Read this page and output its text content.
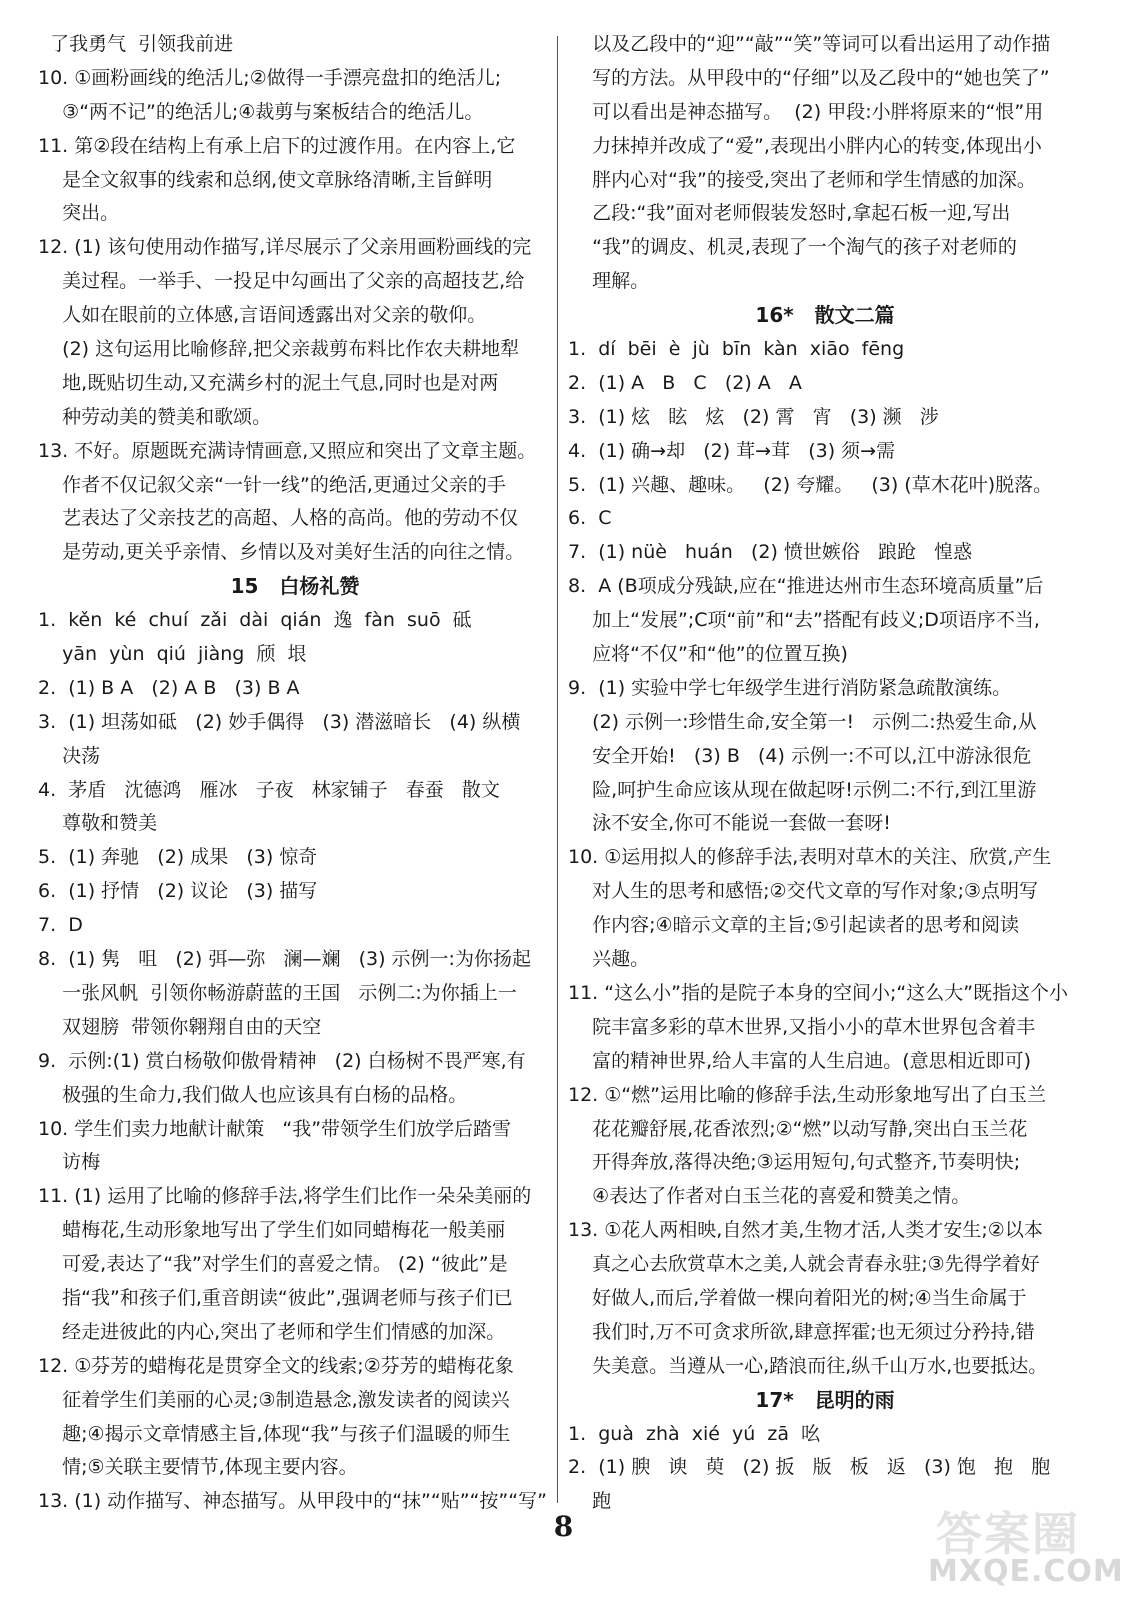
了我勇气  引领我前进
10. ①画粉画线的绝活儿;②做得一手漂亮盘扣的绝活儿;
③“两不记”的绝活儿;④裁剪与案板结合的绝活儿。
11. 第②段在结构上有承上启下的过渡作用。在内容上,它
是全文叙事的线索和总纲,使文章脉络清晰,主旨鲜明
突出。
12. (1) 该句使用动作描写,详尽展示了父亲用画粉画线的完
美过程。一举手、一投足中勾画出了父亲的高超技艺,给
人如在眼前的立体感,言语间透露出对父亲的敬仰。
(2) 这句运用比喻修辞,把父亲裁剪布料比作农夫耕地犁
地,既贴切生动,又充满乡村的泥土气息,同时也是对两
种劳动美的赞美和歌颂。
13. 不好。原题既充满诗情画意,又照应和突出了文章主题。
作者不仅记叙父亲“一针一线”的绝活,更通过父亲的手
艺表达了父亲技艺的高超、人格的高尚。他的劳动不仅
是劳动,更关乎亲情、乡情以及对美好生活的向往之情。
15   白杨礼赞
1.  kěn  ké  chuí  zǎi  dài  qián  逸  fàn  suō  砥
yān  yùn  qiú  jiàng  颀  垠
2.  (1) B A   (2) A B   (3) B A
3.  (1) 坦荡如砥   (2) 妙手偶得   (3) 潜滋暗长   (4) 纵横
决荡
4.  茅盾   沈德鸿   雁冰   子夜   林家铺子   春蚕   散文
尊敬和赞美
5.  (1) 奔驰   (2) 成果   (3) 惊奇
6.  (1) 抒情   (2) 议论   (3) 描写
7.  D
8.  (1) 隽   咀   (2) 弭—弥   澜—斓   (3) 示例一:为你扬起
一张风帆  引领你畅游蔚蓝的王国   示例二:为你插上一
双翅膀  带领你翱翔自由的天空
9.  示例:(1) 赏白杨敬仰傲骨精神   (2) 白杨树不畏严寒,有
极强的生命力,我们做人也应该具有白杨的品格。
10. 学生们卖力地献计献策   “我”带领学生们放学后踏雪
访梅
11. (1) 运用了比喻的修辞手法,将学生们比作一朵朵美丽的
蜡梅花,生动形象地写出了学生们如同蜡梅花一般美丽
可爱,表达了“我”对学生们的喜爱之情。 (2) “彼此”是
指“我”和孩子们,重音朗读“彼此”,强调老师与孩子们已
经走进彼此的内心,突出了老师和学生们情感的加深。
12. ①芬芳的蜡梅花是贯穿全文的线索;②芬芳的蜡梅花象
征着学生们美丽的心灵;③制造悬念,激发读者的阅读兴
趣;④揭示文章情感主旨,体现“我”与孩子们温暖的师生
情;⑤关联主要情节,体现主要内容。
13. (1) 动作描写、神态描写。从甲段中的“抹”“贴”“按”“写”
以及乙段中的“迎”“敲”“笑”等词可以看出运用了动作描
写的方法。从甲段中的“仔细”以及乙段中的“她也笑了”
可以看出是神态描写。  (2) 甲段:小胖将原来的“恨”用
力抹掉并改成了“爱”,表现出小胖内心的转变,体现出小
胖内心对“我”的接受,突出了老师和学生情感的加深。
乙段:“我”面对老师假装发怒时,拿起石板一迎,写出
“我”的调皮、机灵,表现了一个淘气的孩子对老师的
理解。
16*   散文二篇
1.  dí  bēi  è  jù  bīn  kàn  xiāo  fēng
2.  (1) A   B   C   (2) A   A
3.  (1) 炫   眩   炫   (2) 霄   宵   (3) 濒   涉
4.  (1) 确→却   (2) 茸→茸   (3) 须→需
5.  (1) 兴趣、趣味。   (2) 夸耀。   (3) (草木花叶)脱落。
6.  C
7.  (1) nüè   huán   (2) 愤世嫉俗   踉跄   惶惑
8.  A (B项成分残缺,应在“推进达州市生态环境高质量”后
加上“发展”;C项“前”和“去”搭配有歧义;D项语序不当,
应将“不仅”和“他”的位置互换)
9.  (1) 实验中学七年级学生进行消防紧急疏散演练。
(2) 示例一:珍惜生命,安全第一!   示例二:热爱生命,从
安全开始!   (3) B   (4) 示例一:不可以,江中游泳很危
险,呵护生命应该从现在做起呀!示例二:不行,到江里游
泳不安全,你可不能说一套做一套呀!
10. ①运用拟人的修辞手法,表明对草木的关注、欣赏,产生
对人生的思考和感悟;②交代文章的写作对象;③点明写
作内容;④暗示文章的主旨;⑤引起读者的思考和阅读
兴趣。
11. “这么小”指的是院子本身的空间小;“这么大”既指这个小
院丰富多彩的草木世界,又指小小的草木世界包含着丰
富的精神世界,给人丰富的人生启迪。(意思相近即可)
12. ①“燃”运用比喻的修辞手法,生动形象地写出了白玉兰
花花瓣舒展,花香浓烈;②“燃”以动写静,突出白玉兰花
开得奔放,落得决绝;③运用短句,句式整齐,节奏明快;
④表达了作者对白玉兰花的喜爱和赞美之情。
13. ①花人两相映,自然才美,生物才活,人类才安生;②以本
真之心去欣赏草木之美,人就会青春永驻;③先得学着好
好做人,而后,学着做一棵向着阳光的树;④当生命属于
我们时,万不可贪求所欲,肆意挥霍;也无须过分矜持,错
失美意。当遵从一心,踏浪而往,纵千山万水,也要抵达。
17*   昆明的雨
1.  guà  zhà  xié  yú  zā  吆
2.  (1) 腴   谀   萸   (2) 扳   版   板   返   (3) 饱   抱   胞
跑
8	答案圈
MXQE.COM
